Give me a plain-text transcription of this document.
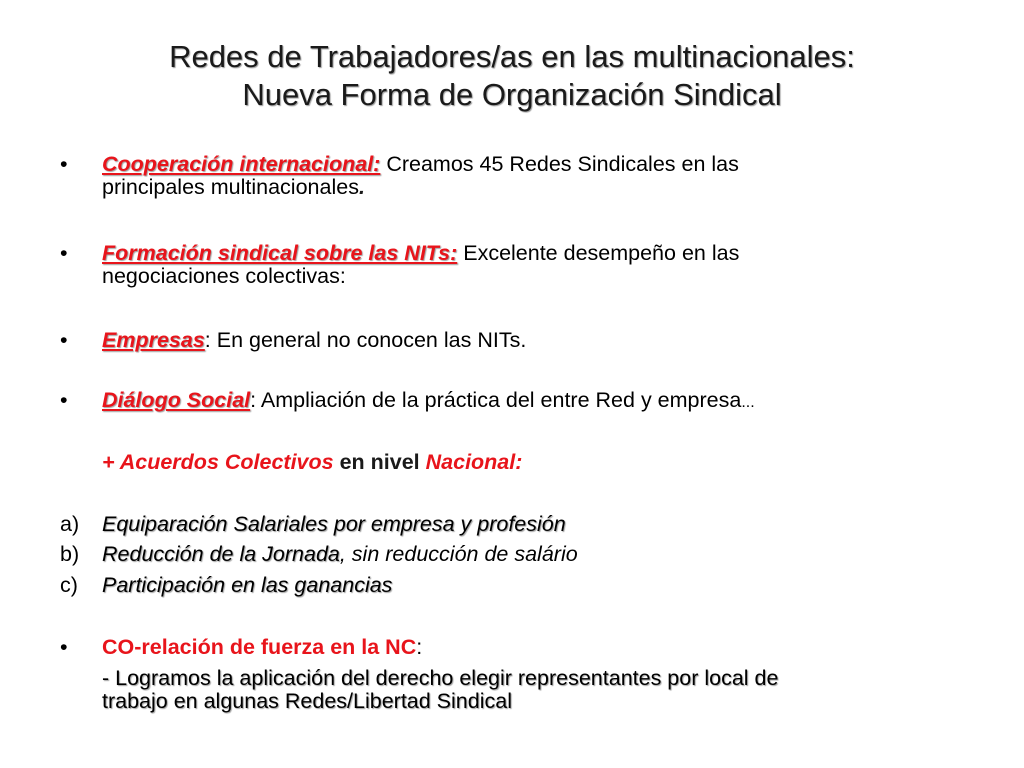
Redes de Trabajadores/as en las multinacionales:
Nueva Forma de Organización Sindical
•	Cooperación internacional: Creamos 45 Redes Sindicales en las
principales multinacionales.
•	Formación sindical sobre las NITs: Excelente desempeño en las
negociaciones colectivas:
•	Empresas: En general no conocen las NITs.
•	Diálogo Social: Ampliación de la práctica del entre Red y empresa...
+ Acuerdos Colectivos en nivel Nacional:
a)	Equiparación Salariales por empresa y profesión
b)	Reducción de la Jornada, sin reducción de salário
c)	Participación en las ganancias
•	CO-relación de fuerza en la NC:
- Logramos la aplicación del derecho elegir representantes por local de
trabajo en algunas Redes/Libertad Sindical
